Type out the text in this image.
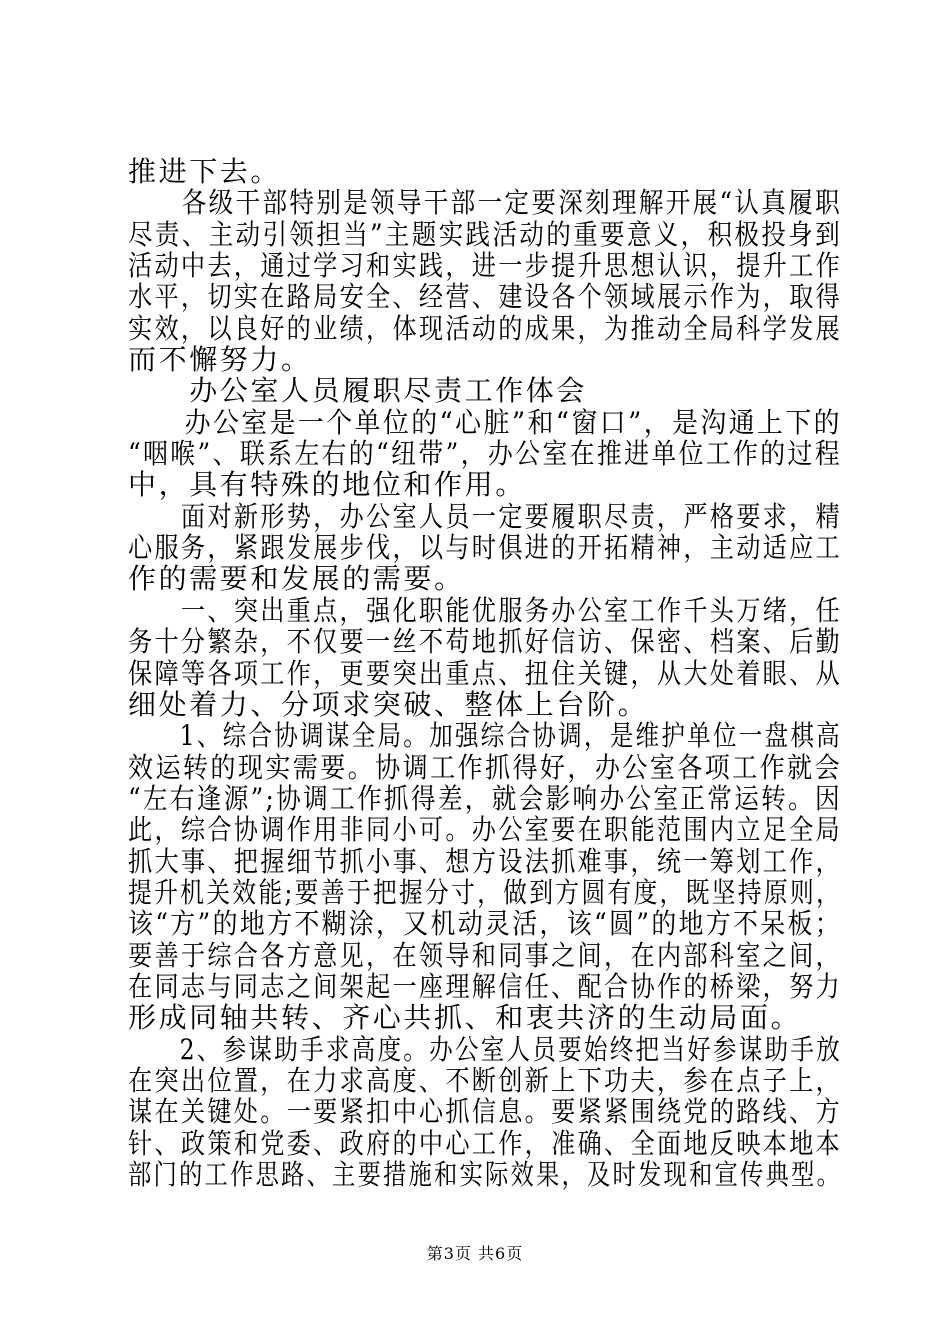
推进下去。
　　各级干部特别是领导干部一定要深刻理解开展“认真履职
尽责、主动引领担当”主题实践活动的重要意义，积极投身到
活动中去，通过学习和实践，进一步提升思想认识，提升工作
水平，切实在路局安全、经营、建设各个领域展示作为，取得
实效，以良好的业绩，体现活动的成果，为推动全局科学发展
而不懈努力。
　　办公室人员履职尽责工作体会
　　办公室是一个单位的“心脏”和“窗口”，是沟通上下的
“咽喉”、联系左右的“纽带”，办公室在推进单位工作的过程
中，具有特殊的地位和作用。
　　面对新形势，办公室人员一定要履职尽责，严格要求，精
心服务，紧跟发展步伐，以与时俱进的开拓精神，主动适应工
作的需要和发展的需要。
　　一、突出重点，强化职能优服务办公室工作千头万绪，任
务十分繁杂，不仅要一丝不苟地抓好信访、保密、档案、后勤
保障等各项工作，更要突出重点、扭住关键，从大处着眼、从
细处着力、分项求突破、整体上台阶。
　　1、综合协调谋全局。加强综合协调，是维护单位一盘棋高
效运转的现实需要。协调工作抓得好，办公室各项工作就会
“左右逢源”;协调工作抓得差，就会影响办公室正常运转。因
此，综合协调作用非同小可。办公室要在职能范围内立足全局
抓大事、把握细节抓小事、想方设法抓难事，统一筹划工作，
提升机关效能;要善于把握分寸，做到方圆有度，既坚持原则，
该“方”的地方不糊涂，又机动灵活，该“圆”的地方不呆板；
要善于综合各方意见，在领导和同事之间，在内部科室之间，
在同志与同志之间架起一座理解信任、配合协作的桥梁，努力
形成同轴共转、齐心共抓、和衷共济的生动局面。
　　2、参谋助手求高度。办公室人员要始终把当好参谋助手放
在突出位置，在力求高度、不断创新上下功夫，参在点子上，
谋在关键处。一要紧扣中心抓信息。要紧紧围绕党的路线、方
针、政策和党委、政府的中心工作，准确、全面地反映本地本
部门的工作思路、主要措施和实际效果，及时发现和宣传典型。
第3页 共6页
